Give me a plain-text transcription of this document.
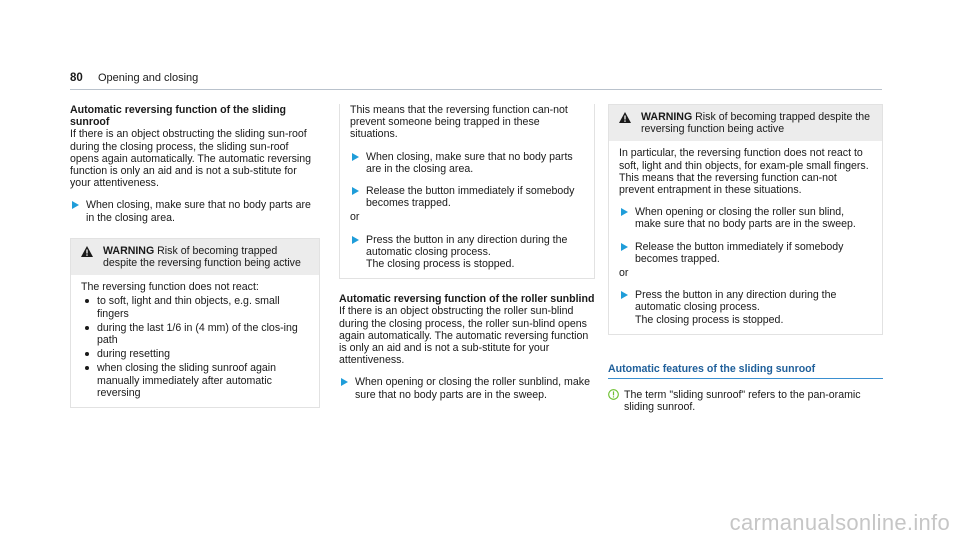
80 Opening and closing

Automatic reversing function of the sliding sunroof

If there is an object obstructing the sliding sun‐roof during the closing process, the sliding sun‐roof opens again automatically. The automatic reversing function is only an aid and is not a sub‐stitute for your attentiveness.

When closing, make sure that no body parts are in the closing area.

WARNING Risk of becoming trapped despite the reversing function being active

The reversing function does not react:

to soft, light and thin objects, e.g. small fingers
during the last 1/6 in (4 mm) of the clos‐ing path
during resetting
when closing the sliding sunroof again manually immediately after automatic reversing

This means that the reversing function can‐not prevent someone being trapped in these situations.

When closing, make sure that no body parts are in the closing area.
Release the button immediately if somebody becomes trapped.

or

Press the button in any direction during the automatic closing process.
The closing process is stopped.

Automatic reversing function of the roller sunblind

If there is an object obstructing the roller sun‐blind during the closing process, the roller sun‐blind opens again automatically. The automatic reversing function is only an aid and is not a sub‐stitute for your attentiveness.

When opening or closing the roller sunblind, make sure that no body parts are in the sweep.

WARNING Risk of becoming trapped despite the reversing function being active

In particular, the reversing function does not react to soft, light and thin objects, for exam‐ple small fingers.

This means that the reversing function can‐not prevent entrapment in these situations.

When opening or closing the roller sun blind, make sure that no body parts are in the sweep.
Release the button immediately if somebody becomes trapped.

or

Press the button in any direction during the automatic closing process.
The closing process is stopped.

Automatic features of the sliding sunroof

The term "sliding sunroof" refers to the pan‐oramic sliding sunroof.
carmanualsonline.info
